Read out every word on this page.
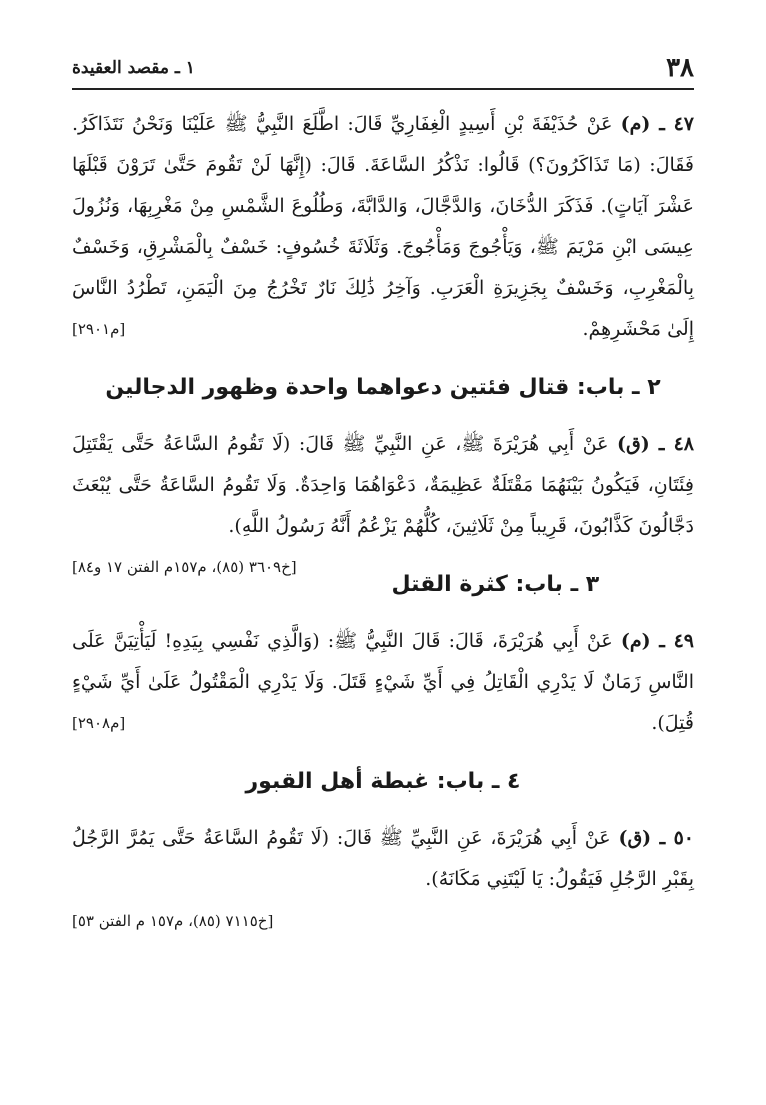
٣٨
١ ـ مقصد العقيدة

٤٧ ـ (م) عَنْ حُذَيْفَةَ بْنِ أَسِيدٍ الْغِفَارِيِّ قَالَ: اطَّلَعَ النَّبِيُّ ﷺ عَلَيْنَا وَنَحْنُ نَتَذَاكَرُ. فَقَالَ: (مَا تَذَاكَرُونَ؟) قَالُوا: نَذْكُرُ السَّاعَةَ. قَالَ: (إِنَّهَا لَنْ تَقُومَ حَتَّىٰ تَرَوْنَ قَبْلَهَا عَشْرَ آيَاتٍ). فَذَكَرَ الدُّخَانَ، وَالدَّجَّالَ، وَالدَّابَّةَ، وَطُلُوعَ الشَّمْسِ مِنْ مَغْرِبِهَا، وَنُزُولَ عِيسَى ابْنِ مَرْيَمَ ﷺ، وَيَأْجُوجَ وَمَأْجُوجَ. وَثَلَاثَةَ خُسُوفٍ: خَسْفٌ بِالْمَشْرِقِ، وَخَسْفٌ بِالْمَغْرِبِ، وَخَسْفٌ بِجَزِيرَةِ الْعَرَبِ. وَآخِرُ ذَٰلِكَ نَارٌ تَخْرُجُ مِنَ الْيَمَنِ، تَطْرُدُ النَّاسَ إِلَىٰ مَحْشَرِهِمْ.
[م٢٩٠١]

٢ ـ باب: قتال فئتين دعواهما واحدة وظهور الدجالين

٤٨ ـ (ق) عَنْ أَبِي هُرَيْرَةَ ﷺ، عَنِ النَّبِيِّ ﷺ قَالَ: (لَا تَقُومُ السَّاعَةُ حَتَّى يَقْتَتِلَ فِئَتَانِ، فَيَكُونُ بَيْنَهُمَا مَقْتَلَةٌ عَظِيمَةٌ، دَعْوَاهُمَا وَاحِدَةٌ. وَلَا تَقُومُ السَّاعَةُ حَتَّى يُبْعَثَ دَجَّالُونَ كَذَّابُونَ، قَرِيباً مِنْ ثَلَاثِينَ، كُلُّهُمْ يَزْعُمُ أَنَّهُ رَسُولُ اللَّهِ).
[خ٣٦٠٩ (٨٥)، م١٥٧م الفتن ١٧ و٨٤]

٣ ـ باب: كثرة القتل

٤٩ ـ (م) عَنْ أَبِي هُرَيْرَةَ، قَالَ: قَالَ النَّبِيُّ ﷺ: (وَالَّذِي نَفْسِي بِيَدِهِ! لَيَأْتِيَنَّ عَلَى النَّاسِ زَمَانٌ لَا يَدْرِي الْقَاتِلُ فِي أَيِّ شَيْءٍ قَتَلَ. وَلَا يَدْرِي الْمَقْتُولُ عَلَىٰ أَيِّ شَيْءٍ قُتِلَ).
[م٢٩٠٨]

٤ ـ باب: غبطة أهل القبور

٥٠ ـ (ق) عَنْ أَبِي هُرَيْرَةَ، عَنِ النَّبِيِّ ﷺ قَالَ: (لَا تَقُومُ السَّاعَةُ حَتَّى يَمُرَّ الرَّجُلُ بِقَبْرِ الرَّجُلِ فَيَقُولُ: يَا لَيْتَنِي مَكَانَهُ).

[خ٧١١٥ (٨٥)، م١٥٧ م الفتن ٥٣]
